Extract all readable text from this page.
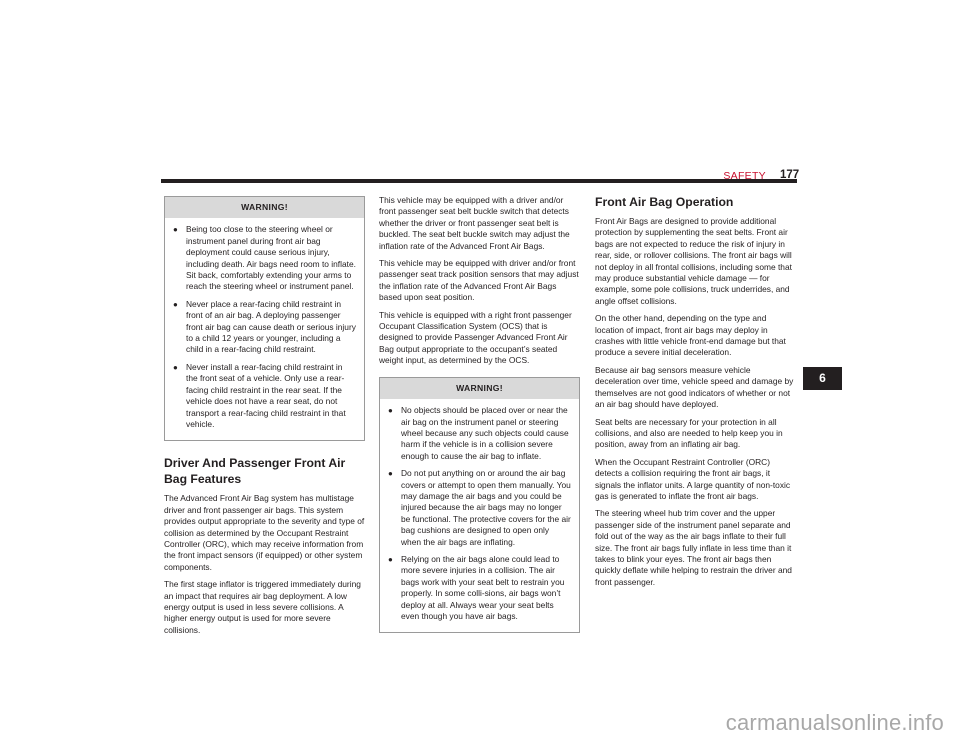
SAFETY 177
WARNING!
● Being too close to the steering wheel or instrument panel during front air bag deployment could cause serious injury, including death. Air bags need room to inflate. Sit back, comfortably extending your arms to reach the steering wheel or instrument panel.
● Never place a rear-facing child restraint in front of an air bag. A deploying passenger front air bag can cause death or serious injury to a child 12 years or younger, including a child in a rear-facing child restraint.
● Never install a rear-facing child restraint in the front seat of a vehicle. Only use a rear-facing child restraint in the rear seat. If the vehicle does not have a rear seat, do not transport a rear-facing child restraint in that vehicle.
Driver And Passenger Front Air Bag Features

The Advanced Front Air Bag system has multistage driver and front passenger air bags. This system provides output appropriate to the severity and type of collision as determined by the Occupant Restraint Controller (ORC), which may receive information from the front impact sensors (if equipped) or other system components.

The first stage inflator is triggered immediately during an impact that requires air bag deployment. A low energy output is used in less severe collisions. A higher energy output is used for more severe collisions.

This vehicle may be equipped with a driver and/or front passenger seat belt buckle switch that detects whether the driver or front passenger seat belt is buckled. The seat belt buckle switch may adjust the inflation rate of the Advanced Front Air Bags.

This vehicle may be equipped with driver and/or front passenger seat track position sensors that may adjust the inflation rate of the Advanced Front Air Bags based upon seat position.

This vehicle is equipped with a right front passenger Occupant Classification System (OCS) that is designed to provide Passenger Advanced Front Air Bag output appropriate to the occupant’s seated weight input, as determined by the OCS.

WARNING!
● No objects should be placed over or near the air bag on the instrument panel or steering wheel because any such objects could cause harm if the vehicle is in a collision severe enough to cause the air bag to inflate.
● Do not put anything on or around the air bag covers or attempt to open them manually. You may damage the air bags and you could be injured because the air bags may no longer be functional. The protective covers for the air bag cushions are designed to open only when the air bags are inflating.
● Relying on the air bags alone could lead to more severe injuries in a collision. The air bags work with your seat belt to restrain you properly. In some colli-sions, air bags won’t deploy at all. Always wear your seat belts even though you have air bags.
Front Air Bag Operation

Front Air Bags are designed to provide additional protection by supplementing the seat belts. Front air bags are not expected to reduce the risk of injury in rear, side, or rollover collisions. The front air bags will not deploy in all frontal collisions, including some that may produce substantial vehicle damage — for example, some pole collisions, truck underrides, and angle offset collisions.

On the other hand, depending on the type and location of impact, front air bags may deploy in crashes with little vehicle front-end damage but that produce a severe initial deceleration.

Because air bag sensors measure vehicle deceleration over time, vehicle speed and damage by themselves are not good indicators of whether or not an air bag should have deployed.

Seat belts are necessary for your protection in all collisions, and also are needed to help keep you in position, away from an inflating air bag.

When the Occupant Restraint Controller (ORC) detects a collision requiring the front air bags, it signals the inflator units. A large quantity of non-toxic gas is generated to inflate the front air bags.

The steering wheel hub trim cover and the upper passenger side of the instrument panel separate and fold out of the way as the air bags inflate to their full size. The front air bags fully inflate in less time than it takes to blink your eyes. The front air bags then quickly deflate while helping to restrain the driver and front passenger.

6
carmanualsonline.info
